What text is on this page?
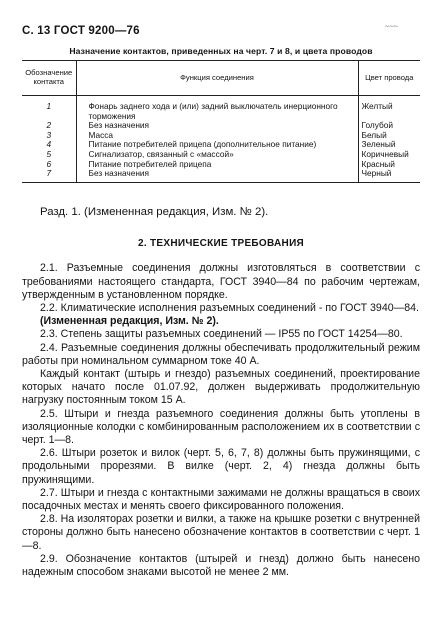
С. 13 ГОСТ 9200—76	~~~
Назначение контактов, приведенных на черт. 7 и 8, и цвета проводов
Обозначение контакта	Функция соединения	Цвет провода
1	Фонарь заднего хода и (или) задний выключатель инерционного торможения	Желтый
2	Без назначения	Голубой
3	Масса	Белый
4	Питание потребителей прицепа (дополнительное питание)	Зеленый
5	Сигнализатор, связанный с «массой»	Коричневый
6	Питание потребителей прицепа	Красный
7	Без назначения	Черный

Разд. 1. (Измененная редакция, Изм. № 2).

2. ТЕХНИЧЕСКИЕ ТРЕБОВАНИЯ

2.1. Разъемные соединения должны изготовляться в соответствии с требованиями настоящего стандарта, ГОСТ 3940—84 по рабочим чертежам, утвержденным в установленном порядке.

2.2. Климатические исполнения разъемных соединений - по ГОСТ 3940—84.

(Измененная редакция, Изм. № 2).

2.3. Степень защиты разъемных соединений — IP55 по ГОСТ 14254—80.

2.4. Разъемные соединения должны обеспечивать продолжительный режим работы при номинальном суммарном токе 40 А.

Каждый контакт (штырь и гнездо) разъемных соединений, проектирование которых начато после 01.07.92, должен выдерживать продолжительную нагрузку постоянным током 15 А.

2.5. Штыри и гнезда разъемного соединения должны быть утоплены в изоляционные колодки с комбинированным расположением их в соответствии с черт. 1—8.

2.6. Штыри розеток и вилок (черт. 5, 6, 7, 8) должны быть пружинящими, с продольными прорезями. В вилке (черт. 2, 4) гнезда должны быть пружинящими.

2.7. Штыри и гнезда с контактными зажимами не должны вращаться в своих посадочных местах и менять своего фиксированного положения.

2.8. На изоляторах розетки и вилки, а также на крышке розетки с внутренней стороны должно быть нанесено обозначение контактов в соответствии с черт. 1—8.

2.9. Обозначение контактов (штырей и гнезд) должно быть нанесено надежным способом знаками высотой не менее 2 мм.
